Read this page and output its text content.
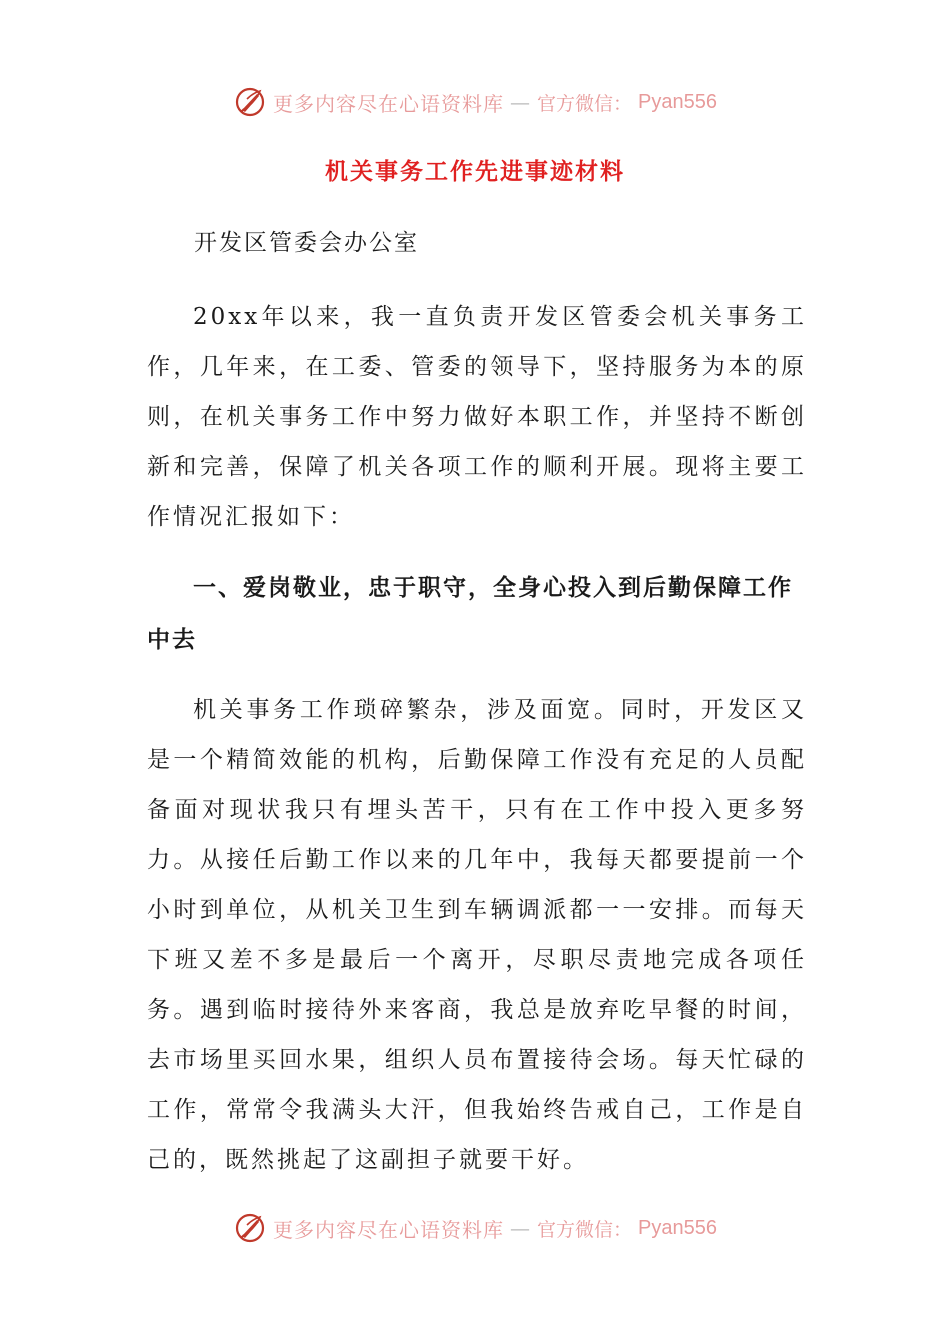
更多内容尽在心语资料库 — 官方微信： Pyan556
机关事务工作先进事迹材料

开发区管委会办公室

20xx年以来，我一直负责开发区管委会机关事务工作，几年来，在工委、管委的领导下，坚持服务为本的原则，在机关事务工作中努力做好本职工作，并坚持不断创新和完善，保障了机关各项工作的顺利开展。现将主要工作情况汇报如下：

一、爱岗敬业，忠于职守，全身心投入到后勤保障工作中去

机关事务工作琐碎繁杂，涉及面宽。同时，开发区又是一个精简效能的机构，后勤保障工作没有充足的人员配备面对现状我只有埋头苦干，只有在工作中投入更多努力。从接任后勤工作以来的几年中，我每天都要提前一个小时到单位，从机关卫生到车辆调派都一一安排。而每天下班又差不多是最后一个离开，尽职尽责地完成各项任务。遇到临时接待外来客商，我总是放弃吃早餐的时间，去市场里买回水果，组织人员布置接待会场。每天忙碌的工作，常常令我满头大汗，但我始终告戒自己，工作是自己的，既然挑起了这副担子就要干好。

更多内容尽在心语资料库 — 官方微信： Pyan556
